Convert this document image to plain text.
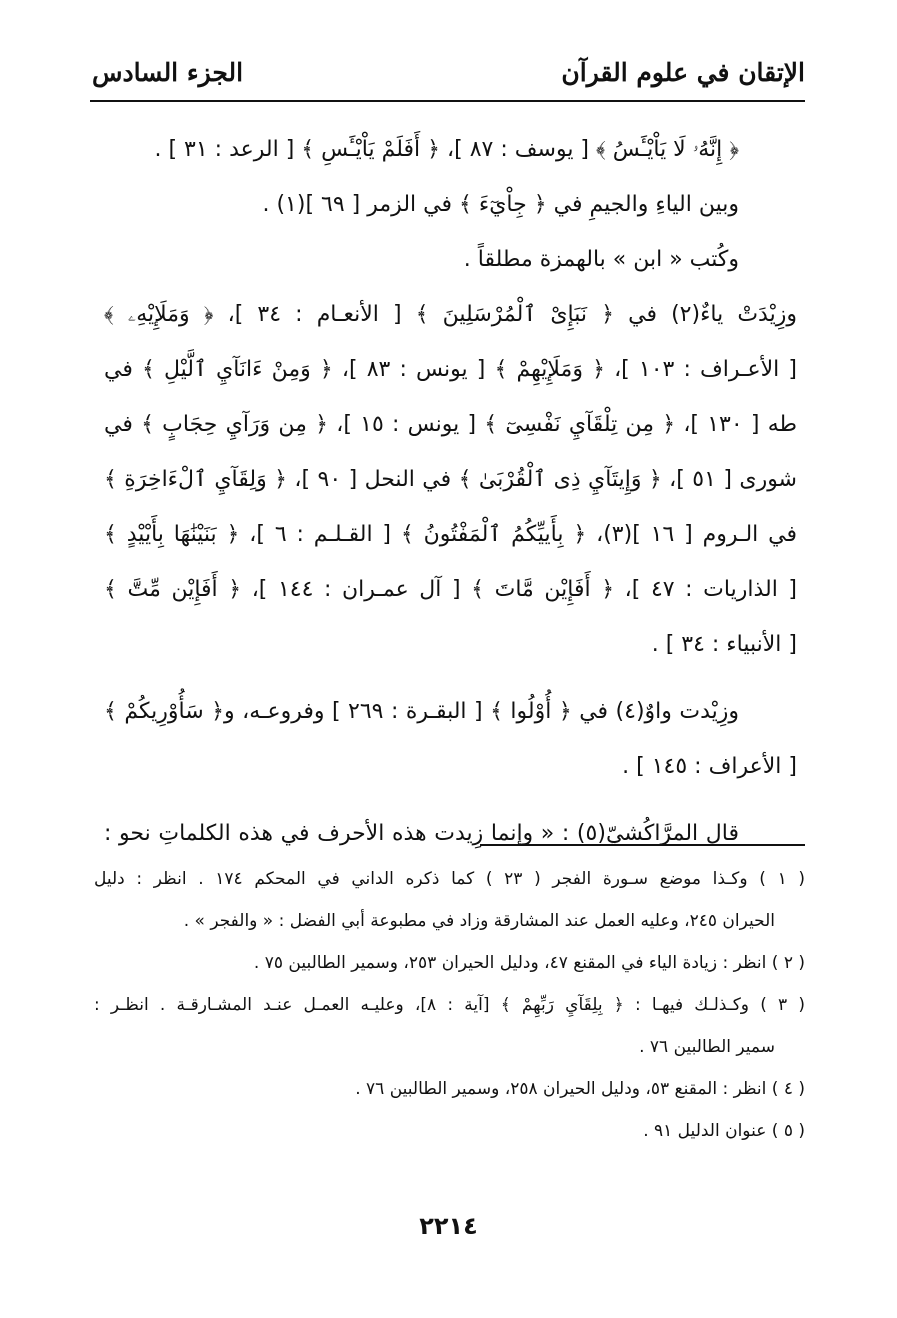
الإتقان في علوم القرآن
الجزء السادس
﴿ إِنَّهُۥ لَا يَاْيْـَٔسُ ﴾ [ يوسف : ٨٧ ]، ﴿ أَفَلَمْ يَاْيْـَٔسِ ﴾ [ الرعد : ٣١ ] .
وبين الياءِ والجيمِ في ﴿ جِاْيٓءَ ﴾ في الزمر [ ٦٩ ](١) .
وكُتب « ابن » بالهمزة مطلقاً .
وزِيْدَتْ ياءٌ(٢) في ﴿ نَبَإِىْ ٱلْمُرْسَلِينَ ﴾ [ الأنعـام : ٣٤ ]، ﴿ وَمَلَإِيْهِۦ ﴾
[ الأعـراف : ١٠٣ ]، ﴿ وَمَلَإِيْهِمْ ﴾ [ يونس : ٨٣ ]، ﴿ وَمِنْ ءَانَآيِ ٱلَّيْلِ ﴾ في
طه [ ١٣٠ ]، ﴿ مِن تِلْقَآيِ نَفْسِىٓ ﴾ [ يونس : ١٥ ]، ﴿ مِن وَرَآيِ حِجَابٍ ﴾ في
شورى [ ٥١ ]، ﴿ وَإِيتَآيِ ذِى ٱلْقُرْبَىٰ ﴾ في النحل [ ٩٠ ]، ﴿ وَلِقَآيِ ٱلْءَاخِرَةِ ﴾
في الـروم [ ١٦ ](٣)، ﴿ بِأَييِّكُمُ ٱلْمَفْتُونُ ﴾ [ القـلـم : ٦ ]، ﴿ بَنَيْنَٰهَا بِأَيْيْدٍ ﴾
[ الذاريات : ٤٧ ]، ﴿ أَفَإِيْن مَّاتَ ﴾ [ آل عمـران : ١٤٤ ]، ﴿ أَفَإِيْن مِّتَّ ﴾
[ الأنبياء : ٣٤ ] .
وزِيْدت واوٌ(٤) في ﴿ أُوْلُوا ﴾ [ البقـرة : ٢٦٩ ] وفروعـه، و﴿ سَأُوْرِيكُمْ ﴾
[ الأعراف : ١٤٥ ] .
قال المرَّاكُشيّ(٥) : « وإنما زِيدت هذه الأحرف في هذه الكلماتِ نحو :
( ١ ) وكـذا موضع سـورة الفجر ( ٢٣ ) كما ذكره الداني في المحكم ١٧٤ . انظر : دليل
الحيران ٢٤٥، وعليه العمل عند المشارقة وزاد في مطبوعة أبي الفضل : « والفجر » .
( ٢ ) انظر : زيادة الياء في المقنع ٤٧، ودليل الحيران ٢٥٣، وسمير الطالبين ٧٥ .
( ٣ ) وكـذلـك فيهـا : ﴿ بِلِقَآيِ رَبِّهِمْ ﴾ [آية : ٨]، وعليـه العمـل عنـد المشـارقـة . انظـر :
سمير الطالبين ٧٦ .
( ٤ ) انظر : المقنع ٥٣، ودليل الحيران ٢٥٨، وسمير الطالبين ٧٦ .
( ٥ ) عنوان الدليل ٩١ .
٢٢١٤
